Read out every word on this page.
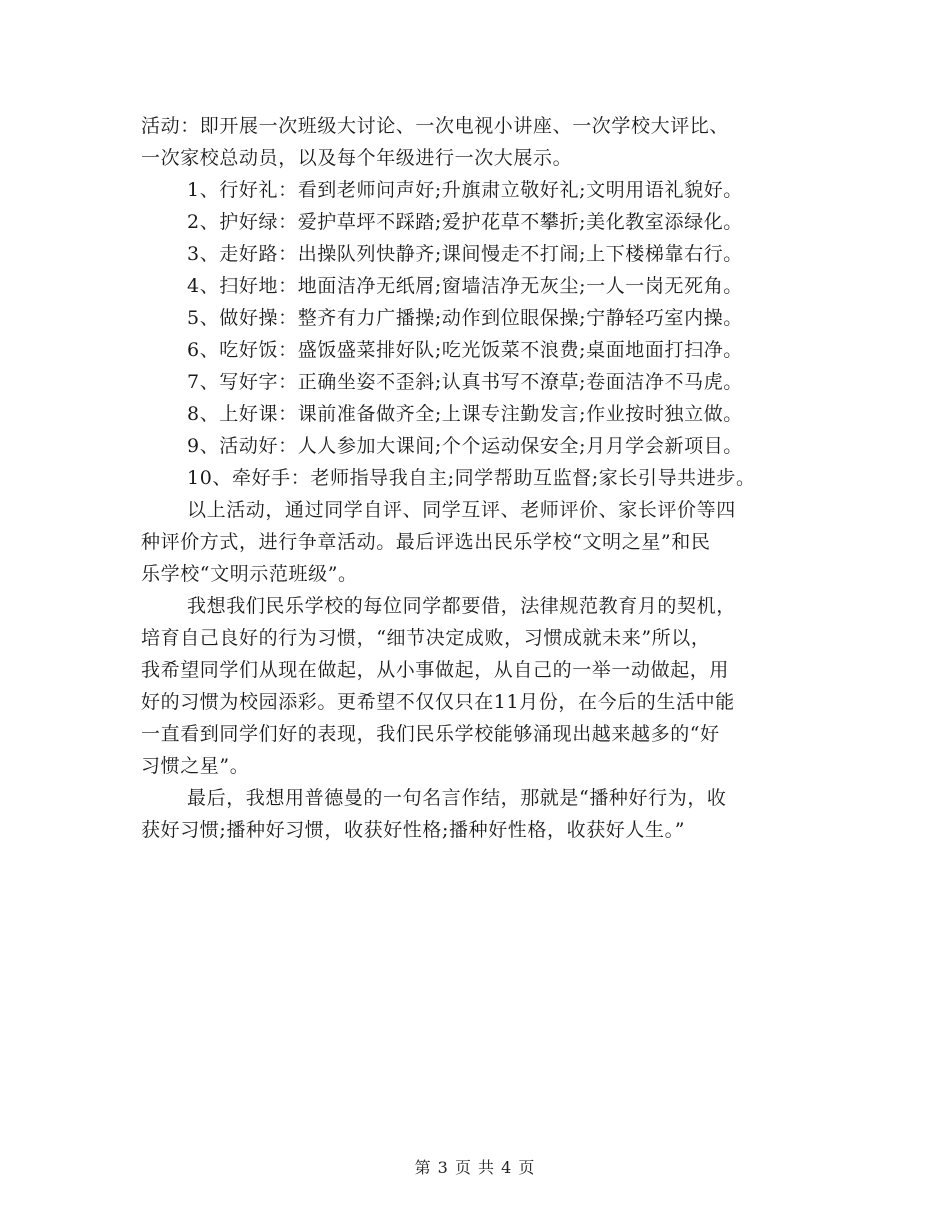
活动：即开展一次班级大讨论、一次电视小讲座、一次学校大评比、
一次家校总动员，以及每个年级进行一次大展示。
1、行好礼：看到老师问声好;升旗肃立敬好礼;文明用语礼貌好。
2、护好绿：爱护草坪不踩踏;爱护花草不攀折;美化教室添绿化。
3、走好路：出操队列快静齐;课间慢走不打闹;上下楼梯靠右行。
4、扫好地：地面洁净无纸屑;窗墙洁净无灰尘;一人一岗无死角。
5、做好操：整齐有力广播操;动作到位眼保操;宁静轻巧室内操。
6、吃好饭：盛饭盛菜排好队;吃光饭菜不浪费;桌面地面打扫净。
7、写好字：正确坐姿不歪斜;认真书写不潦草;卷面洁净不马虎。
8、上好课：课前准备做齐全;上课专注勤发言;作业按时独立做。
9、活动好：人人参加大课间;个个运动保安全;月月学会新项目。
10、牵好手：老师指导我自主;同学帮助互监督;家长引导共进步。
以上活动，通过同学自评、同学互评、老师评价、家长评价等四
种评价方式，进行争章活动。最后评选出民乐学校“文明之星”和民
乐学校“文明示范班级”。
我想我们民乐学校的每位同学都要借，法律规范教育月的契机，
培育自己良好的行为习惯，“细节决定成败，习惯成就未来”所以，
我希望同学们从现在做起，从小事做起，从自己的一举一动做起，用
好的习惯为校园添彩。更希望不仅仅只在11月份，在今后的生活中能
一直看到同学们好的表现，我们民乐学校能够涌现出越来越多的“好
习惯之星”。
最后，我想用普德曼的一句名言作结，那就是“播种好行为，收
获好习惯;播种好习惯，收获好性格;播种好性格，收获好人生。”
第 3 页 共 4 页
